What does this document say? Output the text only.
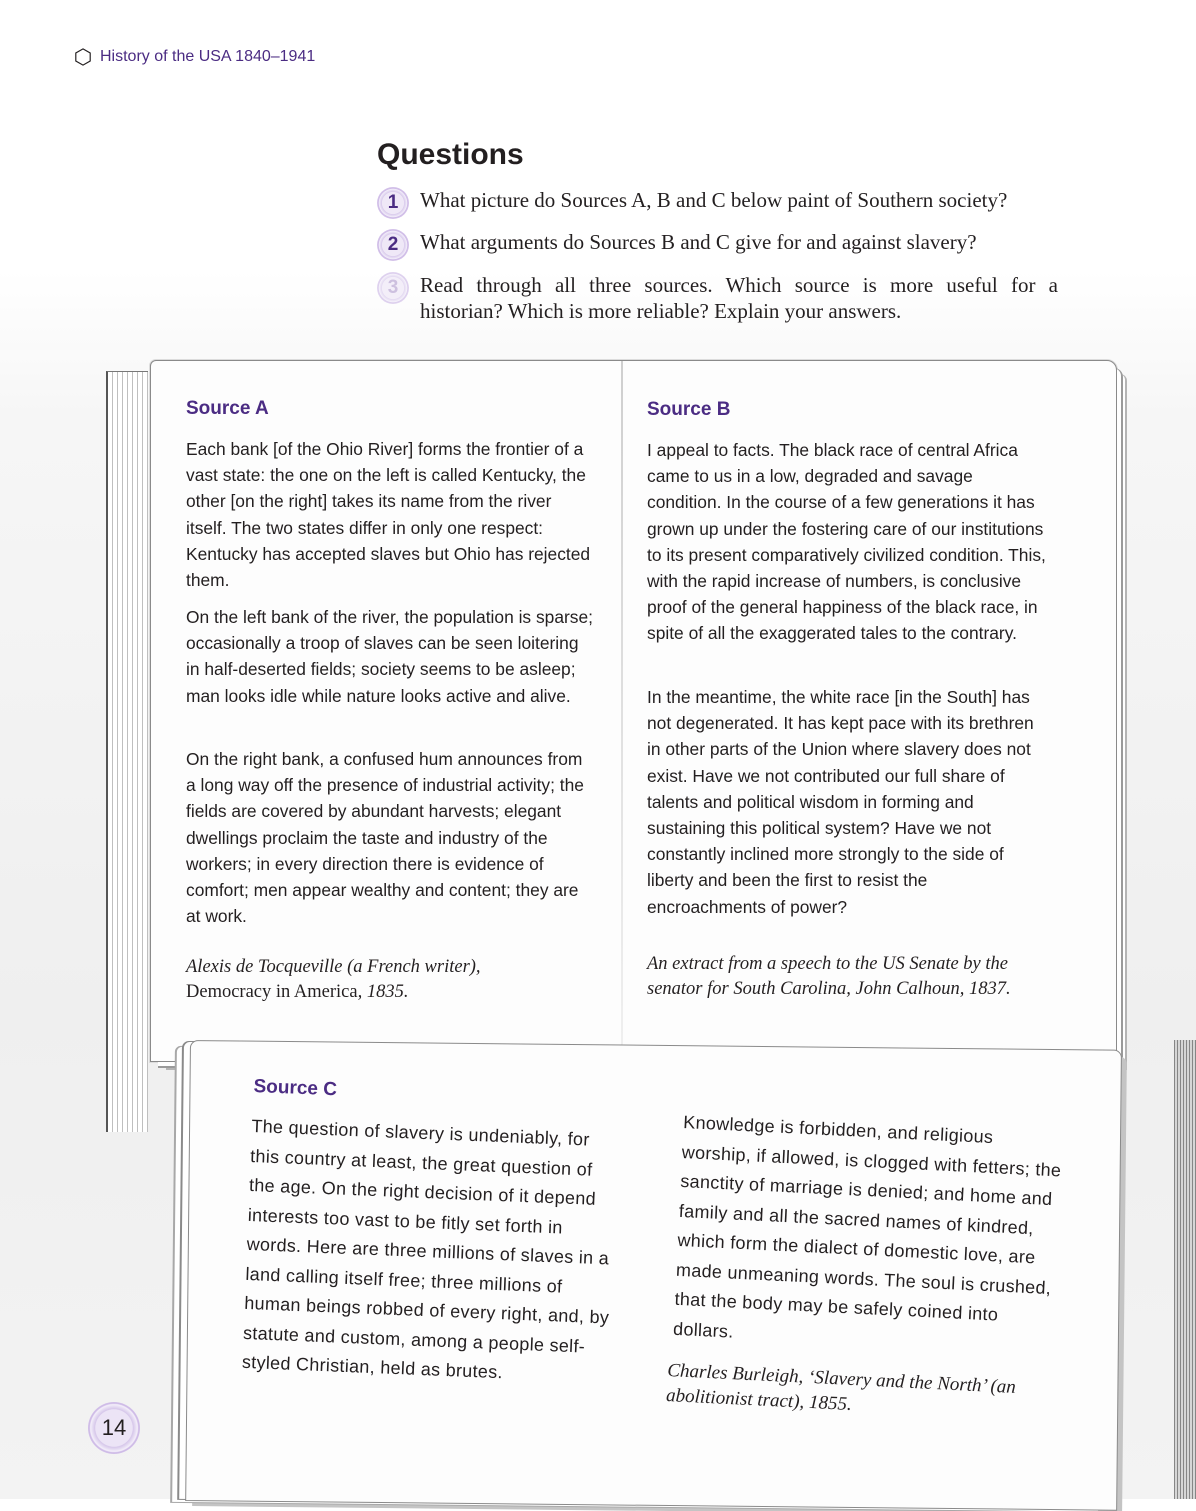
History of the USA 1840–1941
Questions
1	What picture do Sources A, B and C below paint of Southern society?
2	What arguments do Sources B and C give for and against slavery?
3	Read through all three sources. Which source is more useful for a historian? Which is more reliable? Explain your answers.
Source A

Each bank [of the Ohio River] forms the frontier of a vast state: the one on the left is called Kentucky, the other [on the right] takes its name from the river itself. The two states differ in only one respect: Kentucky has accepted slaves but Ohio has rejected them.

On the left bank of the river, the population is sparse; occasionally a troop of slaves can be seen loitering in half-deserted fields; society seems to be asleep; man looks idle while nature looks active and alive.

On the right bank, a confused hum announces from a long way off the presence of industrial activity; the fields are covered by abundant harvests; elegant dwellings proclaim the taste and industry of the workers; in every direction there is evidence of comfort; men appear wealthy and content; they are at work.

Alexis de Tocqueville (a French writer),
Democracy in America, 1835.

Source B

I appeal to facts. The black race of central Africa came to us in a low, degraded and savage condition. In the course of a few generations it has grown up under the fostering care of our institutions to its present comparatively civilized condition. This, with the rapid increase of numbers, is conclusive proof of the general happiness of the black race, in spite of all the exaggerated tales to the contrary.

In the meantime, the white race [in the South] has not degenerated. It has kept pace with its brethren in other parts of the Union where slavery does not exist. Have we not contributed our full share of talents and political wisdom in forming and sustaining this political system? Have we not constantly inclined more strongly to the side of liberty and been the first to resist the encroachments of power?

An extract from a speech to the US Senate by the senator for South Carolina, John Calhoun, 1837.

Source C

The question of slavery is undeniably, for this country at least, the great question of the age. On the right decision of it depend interests too vast to be fitly set forth in words. Here are three millions of slaves in a land calling itself free; three millions of human beings robbed of every right, and, by statute and custom, among a people self-styled Christian, held as brutes.

Knowledge is forbidden, and religious worship, if allowed, is clogged with fetters; the sanctity of marriage is denied; and home and family and all the sacred names of kindred, which form the dialect of domestic love, are made unmeaning words. The soul is crushed, that the body may be safely coined into dollars.

Charles Burleigh, ‘Slavery and the North’ (an abolitionist tract), 1855.

14
